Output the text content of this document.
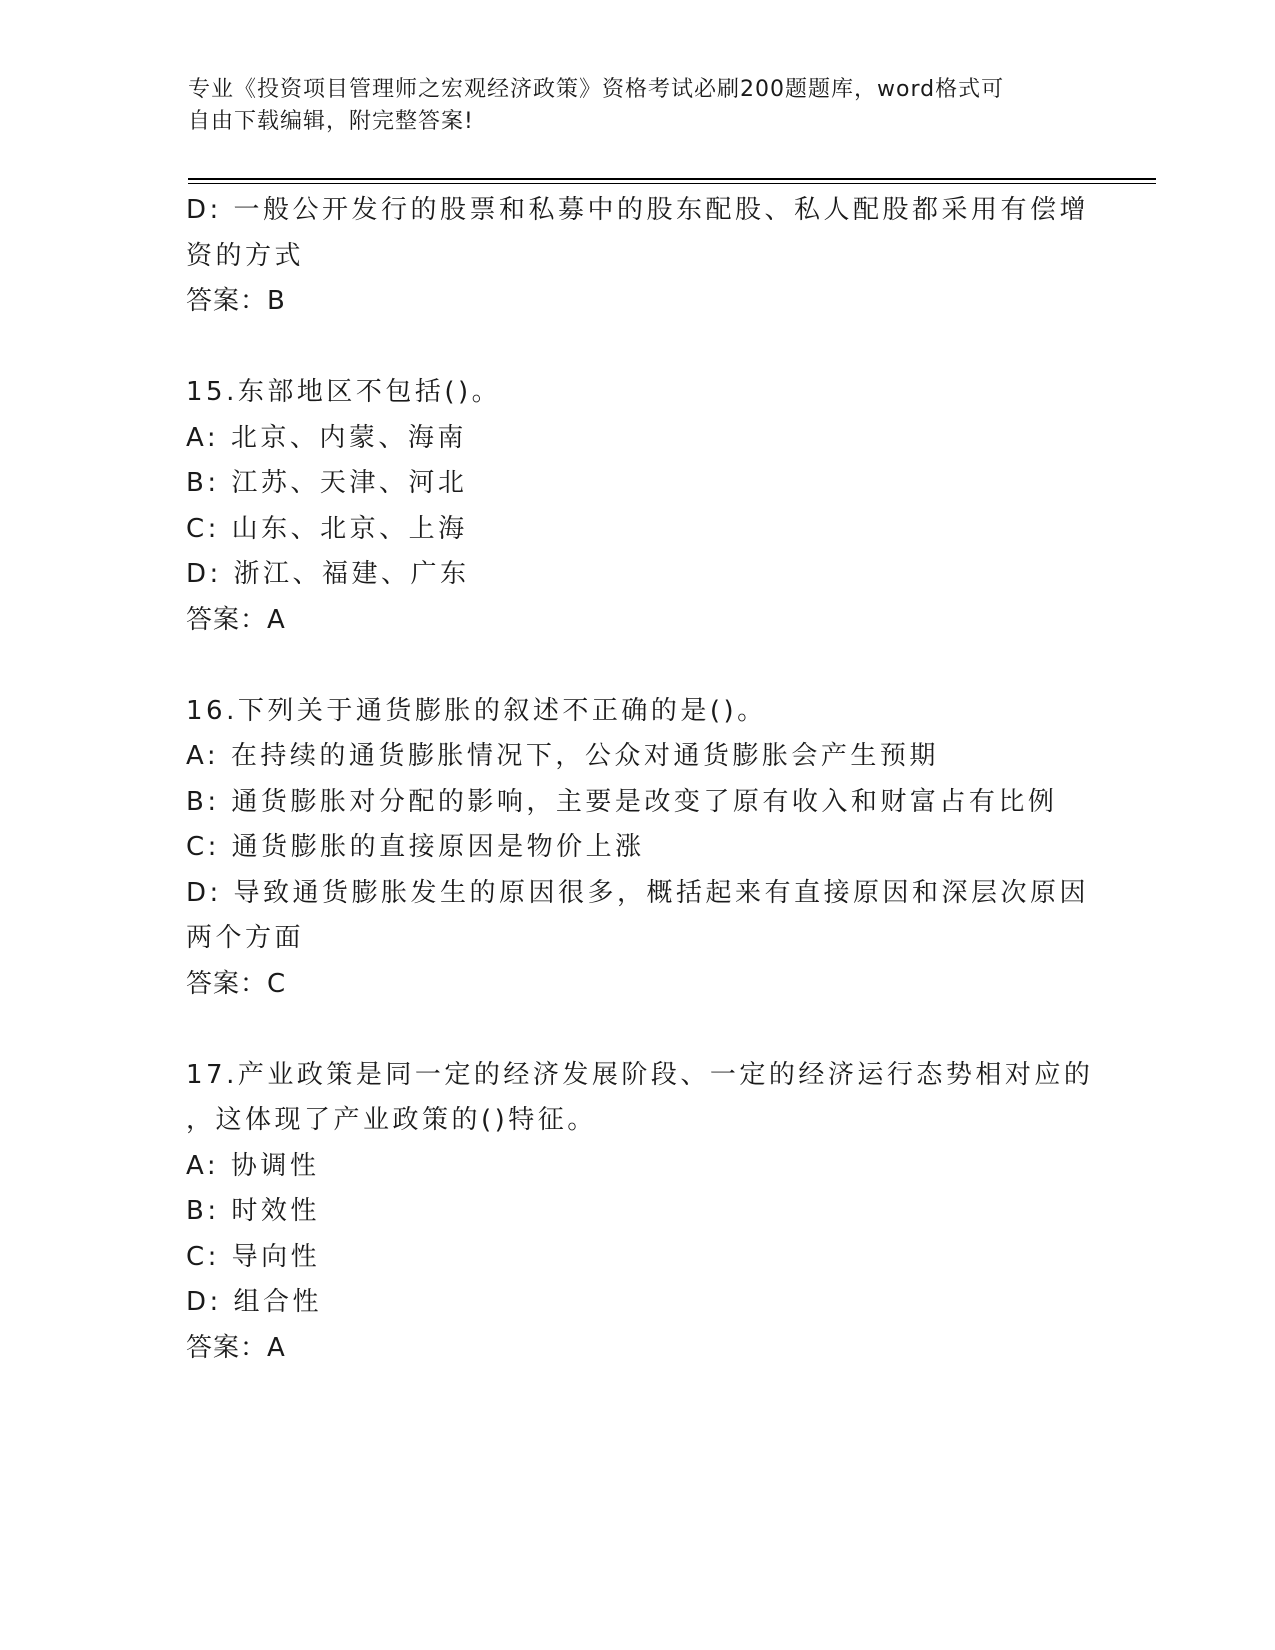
专业《投资项目管理师之宏观经济政策》资格考试必刷200题题库，word格式可
自由下载编辑，附完整答案!
D: 一般公开发行的股票和私募中的股东配股、私人配股都采用有偿增
资的方式
答案：B
15.东部地区不包括()。
A: 北京、内蒙、海南
B: 江苏、天津、河北
C: 山东、北京、上海
D: 浙江、福建、广东
答案：A
16.下列关于通货膨胀的叙述不正确的是()。
A: 在持续的通货膨胀情况下，公众对通货膨胀会产生预期
B: 通货膨胀对分配的影响，主要是改变了原有收入和财富占有比例
C: 通货膨胀的直接原因是物价上涨
D: 导致通货膨胀发生的原因很多，概括起来有直接原因和深层次原因
两个方面
答案：C
17.产业政策是同一定的经济发展阶段、一定的经济运行态势相对应的
，这体现了产业政策的()特征。
A: 协调性
B: 时效性
C: 导向性
D: 组合性
答案：A
